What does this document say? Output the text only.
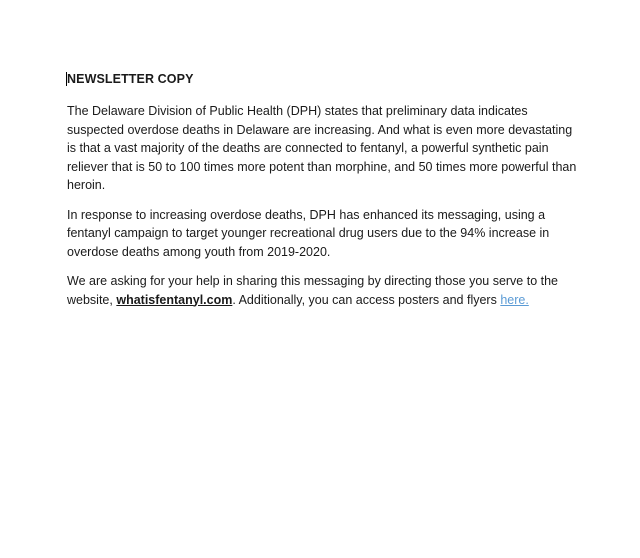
NEWSLETTER COPY

The Delaware Division of Public Health (DPH) states that preliminary data indicates suspected overdose deaths in Delaware are increasing. And what is even more devastating is that a vast majority of the deaths are connected to fentanyl, a powerful synthetic pain reliever that is 50 to 100 times more potent than morphine, and 50 times more powerful than heroin.

In response to increasing overdose deaths, DPH has enhanced its messaging, using a fentanyl campaign to target younger recreational drug users due to the 94% increase in overdose deaths among youth from 2019-2020.

We are asking for your help in sharing this messaging by directing those you serve to the website, whatisfentanyl.com. Additionally, you can access posters and flyers here.
